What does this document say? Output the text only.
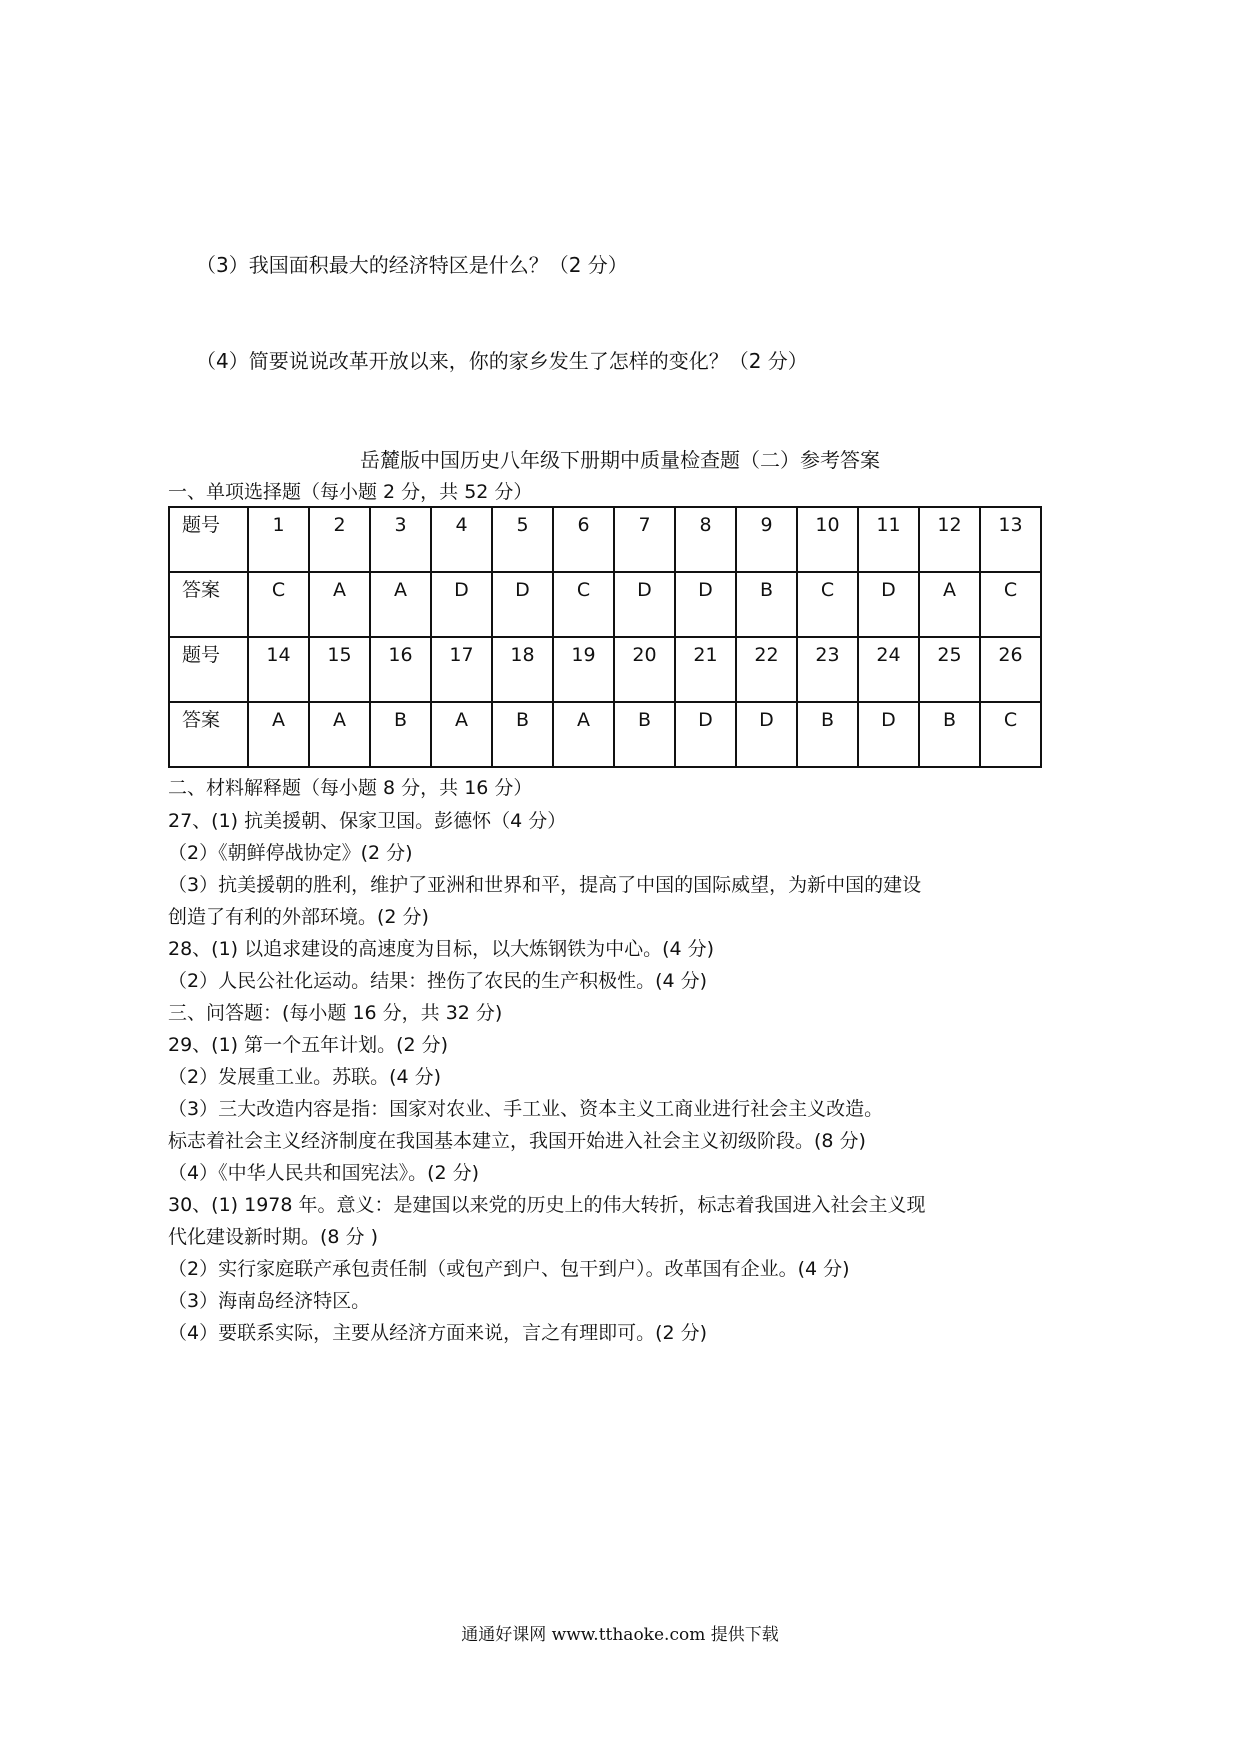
（3）我国面积最大的经济特区是什么？（2 分）
（4）简要说说改革开放以来，你的家乡发生了怎样的变化？（2 分）
岳麓版中国历史八年级下册期中质量检查题（二）参考答案
一、单项选择题（每小题 2 分，共 52 分）
题号	1	2	3	4	5	6	7	8	9	10	11	12	13
答案	C	A	A	D	D	C	D	D	B	C	D	A	C
题号	14	15	16	17	18	19	20	21	22	23	24	25	26
答案	A	A	B	A	B	A	B	D	D	B	D	B	C
二、材料解释题（每小题 8 分，共 16 分）
27、(1) 抗美援朝、保家卫国。彭德怀（4 分）
（2）《朝鲜停战协定》(2 分)
（3）抗美援朝的胜利，维护了亚洲和世界和平，提高了中国的国际威望，为新中国的建设
创造了有利的外部环境。(2 分)
28、(1) 以追求建设的高速度为目标，以大炼钢铁为中心。(4 分)
（2）人民公社化运动。结果：挫伤了农民的生产积极性。(4 分)
三、问答题：(每小题 16 分，共 32 分)
29、(1) 第一个五年计划。(2 分)
（2）发展重工业。苏联。(4 分)
（3）三大改造内容是指：国家对农业、手工业、资本主义工商业进行社会主义改造。
标志着社会主义经济制度在我国基本建立，我国开始进入社会主义初级阶段。(8 分)
（4）《中华人民共和国宪法》。(2 分)
30、(1) 1978 年。意义：是建国以来党的历史上的伟大转折，标志着我国进入社会主义现
代化建设新时期。(8 分 )
（2）实行家庭联产承包责任制（或包产到户、包干到户）。改革国有企业。(4 分)
（3）海南岛经济特区。
（4）要联系实际，主要从经济方面来说，言之有理即可。(2 分)
通通好课网 www.tthaoke.com 提供下载
